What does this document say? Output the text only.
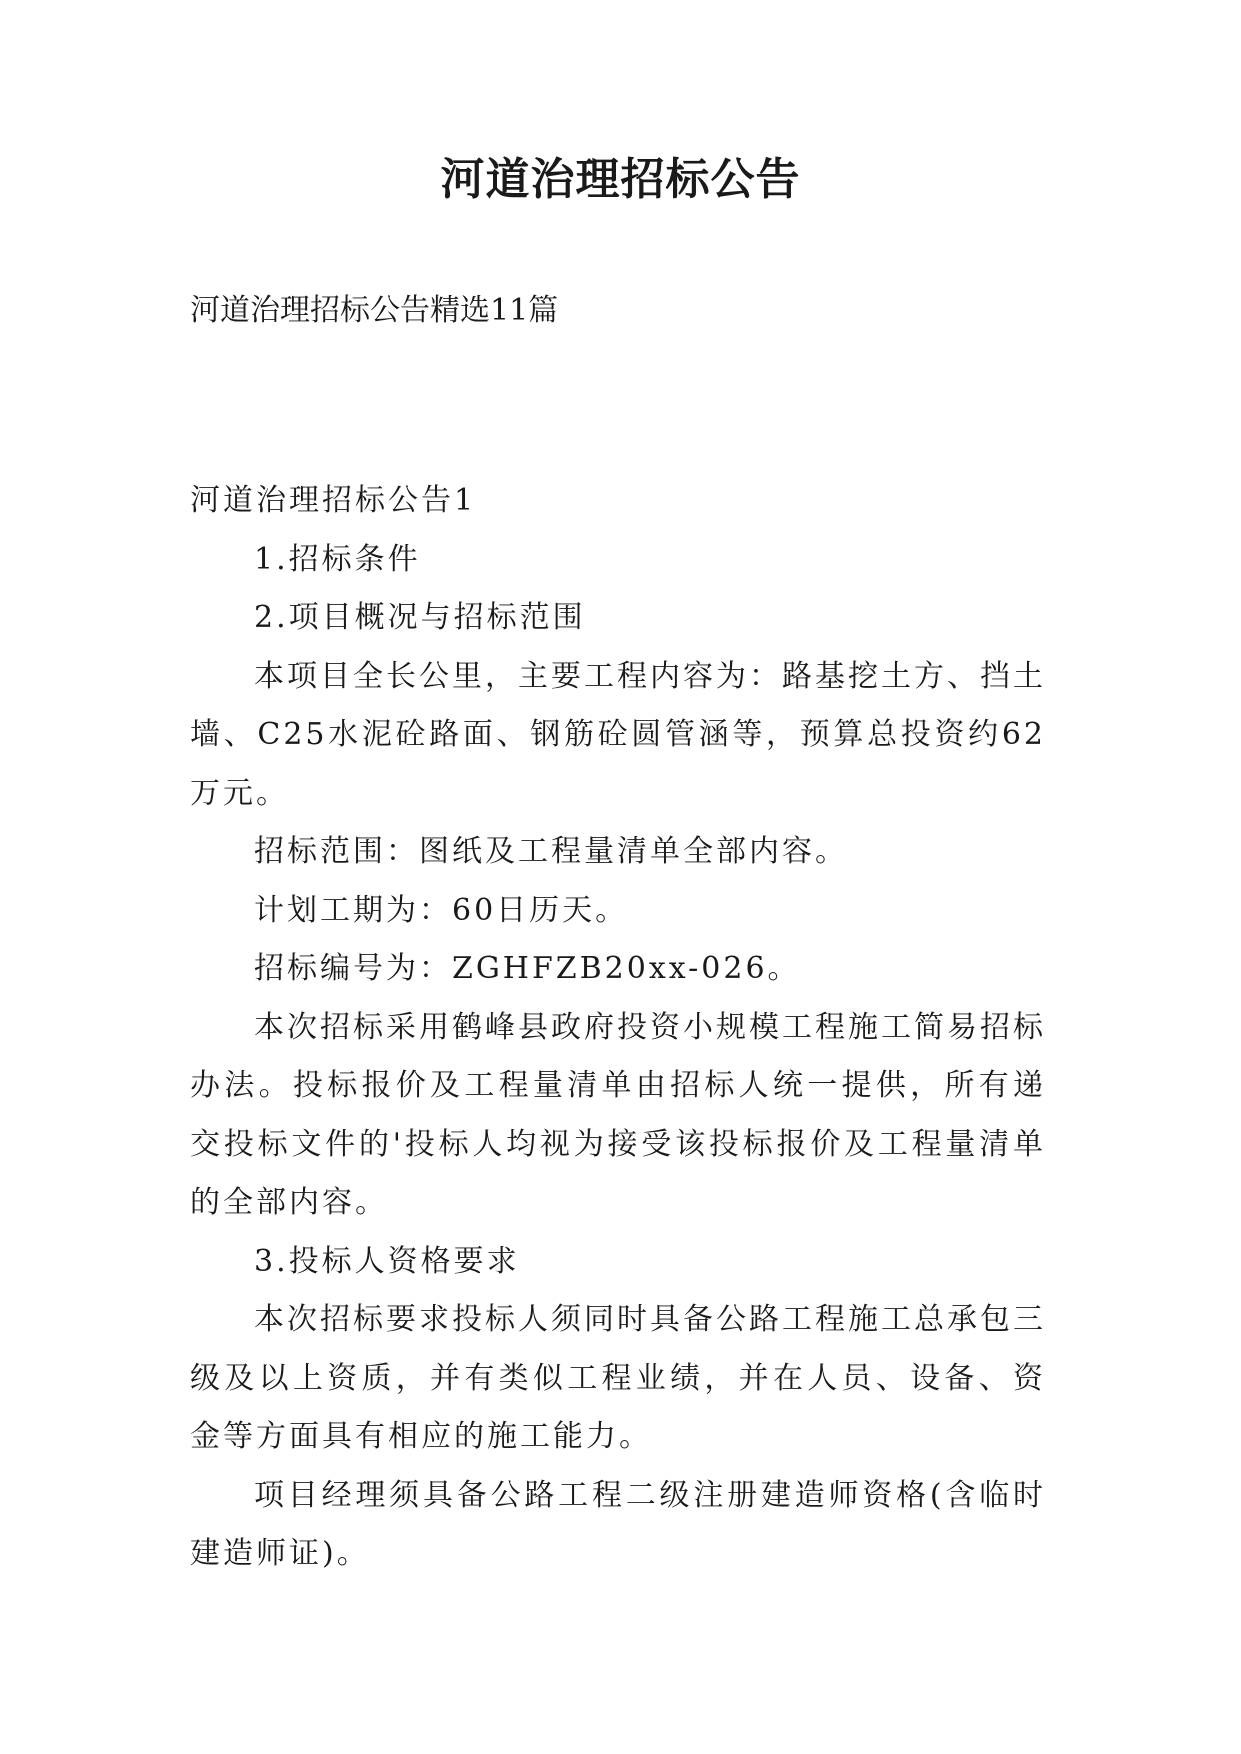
河道治理招标公告
河道治理招标公告精选11篇

河道治理招标公告1

1.招标条件

2.项目概况与招标范围

本项目全长公里，主要工程内容为：路基挖土方、挡土墙、C25水泥砼路面、钢筋砼圆管涵等，预算总投资约62万元。

招标范围：图纸及工程量清单全部内容。

计划工期为：60日历天。

招标编号为：ZGHFZB20xx-026。

本次招标采用鹤峰县政府投资小规模工程施工简易招标办法。投标报价及工程量清单由招标人统一提供，所有递交投标文件的'投标人均视为接受该投标报价及工程量清单的全部内容。

3.投标人资格要求

本次招标要求投标人须同时具备公路工程施工总承包三级及以上资质，并有类似工程业绩，并在人员、设备、资金等方面具有相应的施工能力。

项目经理须具备公路工程二级注册建造师资格(含临时建造师证)。
